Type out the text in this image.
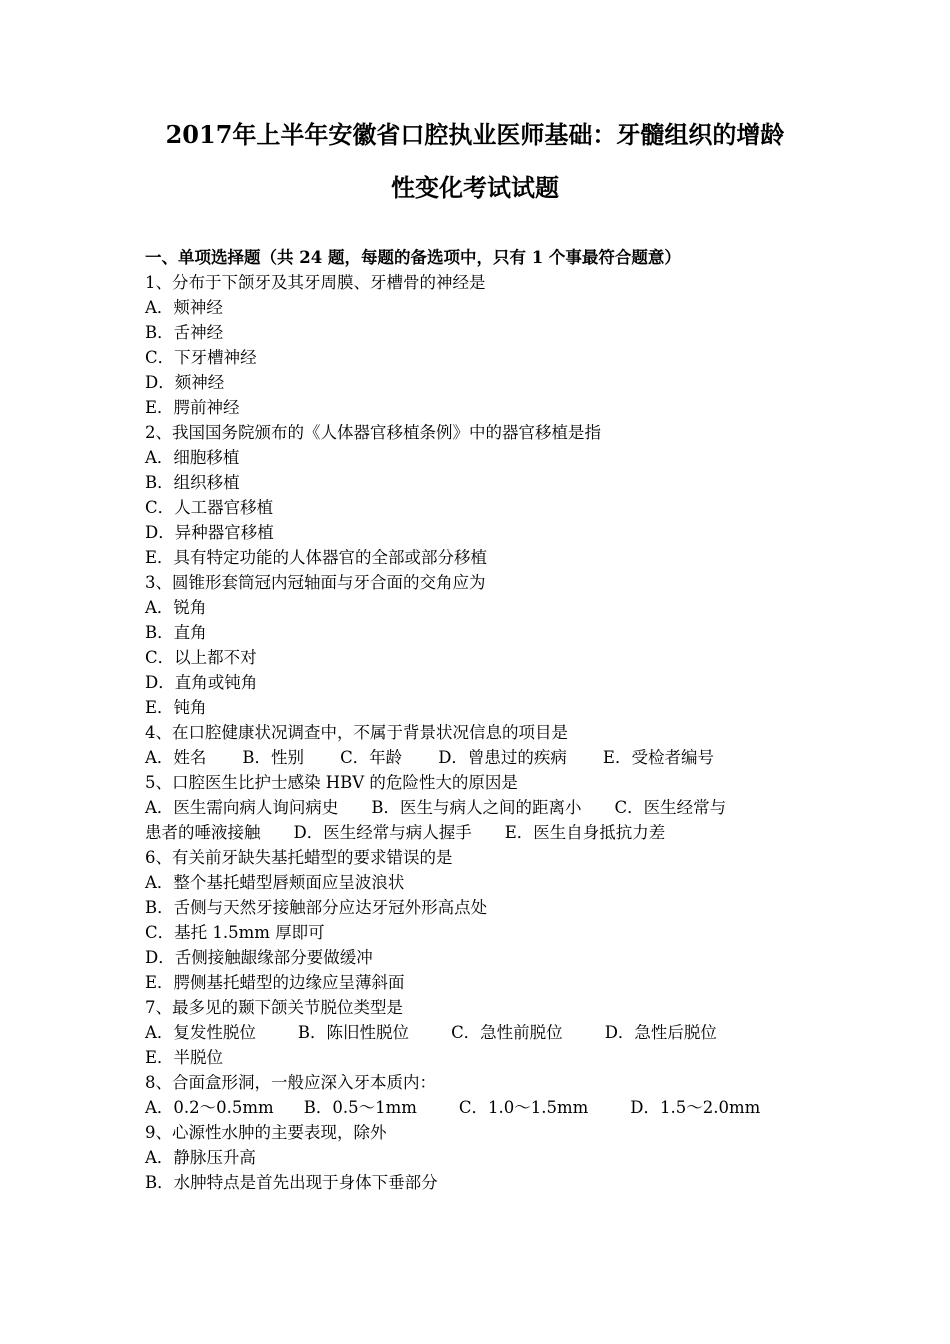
2017年上半年安徽省口腔执业医师基础：牙髓组织的增龄
性变化考试试题
一、单项选择题（共 24 题，每题的备选项中，只有 1 个事最符合题意）
1、分布于下颌牙及其牙周膜、牙槽骨的神经是
A．颊神经
B．舌神经
C．下牙槽神经
D．颏神经
E．腭前神经
2、我国国务院颁布的《人体器官移植条例》中的器官移植是指
A．细胞移植
B．组织移植
C．人工器官移植
D．异种器官移植
E．具有特定功能的人体器官的全部或部分移植
3、圆锥形套筒冠内冠轴面与牙合面的交角应为
A．锐角
B．直角
C．以上都不对
D．直角或钝角
E．钝角
4、在口腔健康状况调查中，不属于背景状况信息的项目是
A．姓名 B．性别 C．年龄 D．曾患过的疾病 E．受检者编号
5、口腔医生比护士感染 HBV 的危险性大的原因是
A．医生需向病人询问病史　　B．医生与病人之间的距离小　　C．医生经常与
患者的唾液接触　　D．医生经常与病人握手　　E．医生自身抵抗力差
6、有关前牙缺失基托蜡型的要求错误的是
A．整个基托蜡型唇颊面应呈波浪状
B．舌侧与天然牙接触部分应达牙冠外形高点处
C．基托 1.5mm 厚即可
D．舌侧接触龈缘部分要做缓冲
E．腭侧基托蜡型的边缘应呈薄斜面
7、最多见的颞下颌关节脱位类型是
A．复发性脱位	B．陈旧性脱位	C．急性前脱位	D．急性后脱位
E．半脱位
8、合面盒形洞，一般应深入牙本质内：
A．0.2～0.5mm B．0.5～1mm	C．1.0～1.5mm	D．1.5～2.0mm
9、心源性水肿的主要表现，除外
A．静脉压升高
B．水肿特点是首先出现于身体下垂部分
